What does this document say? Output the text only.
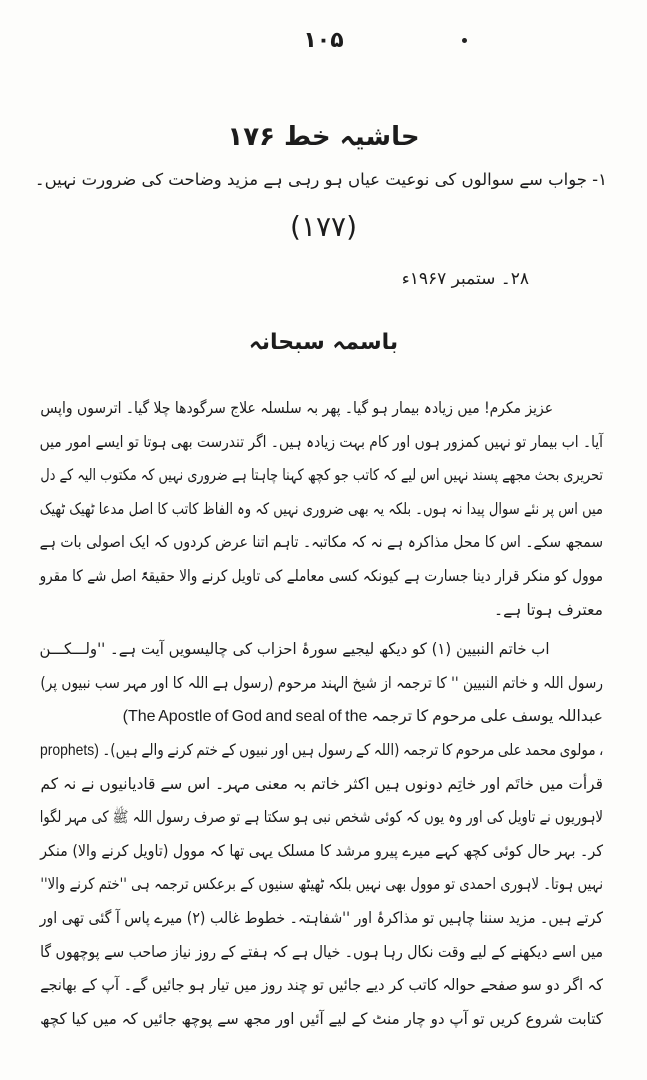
۱۰۵
حاشیہ خط ۱۷۶
۱- جواب سے سوالوں کی نوعیت عیاں ہو رہی ہے مزید وضاحت کی ضرورت نہیں۔
(۱۷۷)
۲۸۔ ستمبر ۱۹۶۷ء
باسمہ سبحانہ
عزیز مکرم! میں زیادہ بیمار ہو گیا۔ پھر بہ سلسلہ علاج سرگودھا چلا گیا۔ اترسوں واپس
آیا۔ اب بیمار تو نہیں کمزور ہوں اور کام بہت زیادہ ہیں۔ اگر تندرست بھی ہوتا تو ایسے امور میں
تحریری بحث مجھے پسند نہیں اس لیے کہ کاتب جو کچھ کہنا چاہتا ہے ضروری نہیں کہ مکتوب الیہ کے دل
میں اس پر نئے سوال پیدا نہ ہوں۔ بلکہ یہ بھی ضروری نہیں کہ وہ الفاظ کاتب کا اصل مدعا ٹھیک ٹھیک
سمجھ سکے۔ اس کا محل مذاکرہ ہے نہ کہ مکاتبہ۔ تاہم اتنا عرض کردوں کہ ایک اصولی بات ہے
موول کو منکر قرار دینا جسارت ہے کیونکہ کسی معاملے کی تاویل کرنے والا حقیقۃً اصل شے کا مقرو
معترف ہوتا ہے۔
اب خاتم النبیین (۱) کو دیکھ لیجیے سورۂ احزاب کی چالیسویں آیت ہے۔ ''ولـــکـــن
رسول اللہ و خاتم النبیین '' کا ترجمہ از شیخ الہند مرحوم (رسول ہے اللہ کا اور مہر سب نبیوں پر)
عبداللہ یوسف علی مرحوم کا ترجمہ (The Apostle of God and seal of the
، مولوی محمد علی مرحوم کا ترجمہ (اللہ کے رسول ہیں اور نبیوں کے ختم کرنے والے ہیں)۔ prophets)
قرأت میں خاتَم اور خاتِم دونوں ہیں اکثر خاتم بہ معنی مہر۔ اس سے قادیانیوں نے نہ کم
لاہوریوں نے تاویل کی اور وہ یوں کہ کوئی شخص نبی ہو سکتا ہے تو صرف رسول اللہ ﷺ کی مہر لگوا
کر۔ بہر حال کوئی کچھ کہے میرے پیرو مرشد کا مسلک یہی تھا کہ موول (تاویل کرنے والا) منکر
نہیں ہوتا۔ لاہوری احمدی تو موول بھی نہیں بلکہ ٹھیٹھ سنیوں کے برعکس ترجمہ ہی ''ختم کرنے والا''
کرتے ہیں۔ مزید سننا چاہیں تو مذاکرۂ اور ''شفاہتہ۔ خطوط غالب (۲) میرے پاس آ گئی تھی اور
میں اسے دیکھنے کے لیے وقت نکال رہا ہوں۔ خیال ہے کہ ہفتے کے روز نیاز صاحب سے پوچھوں گا
کہ اگر دو سو صفحے حوالہ کاتب کر دیے جائیں تو چند روز میں تیار ہو جائیں گے۔ آپ کے بھانجے
کتابت شروع کریں تو آپ دو چار منٹ کے لیے آئیں اور مجھ سے پوچھ جائیں کہ میں کیا کچھ
